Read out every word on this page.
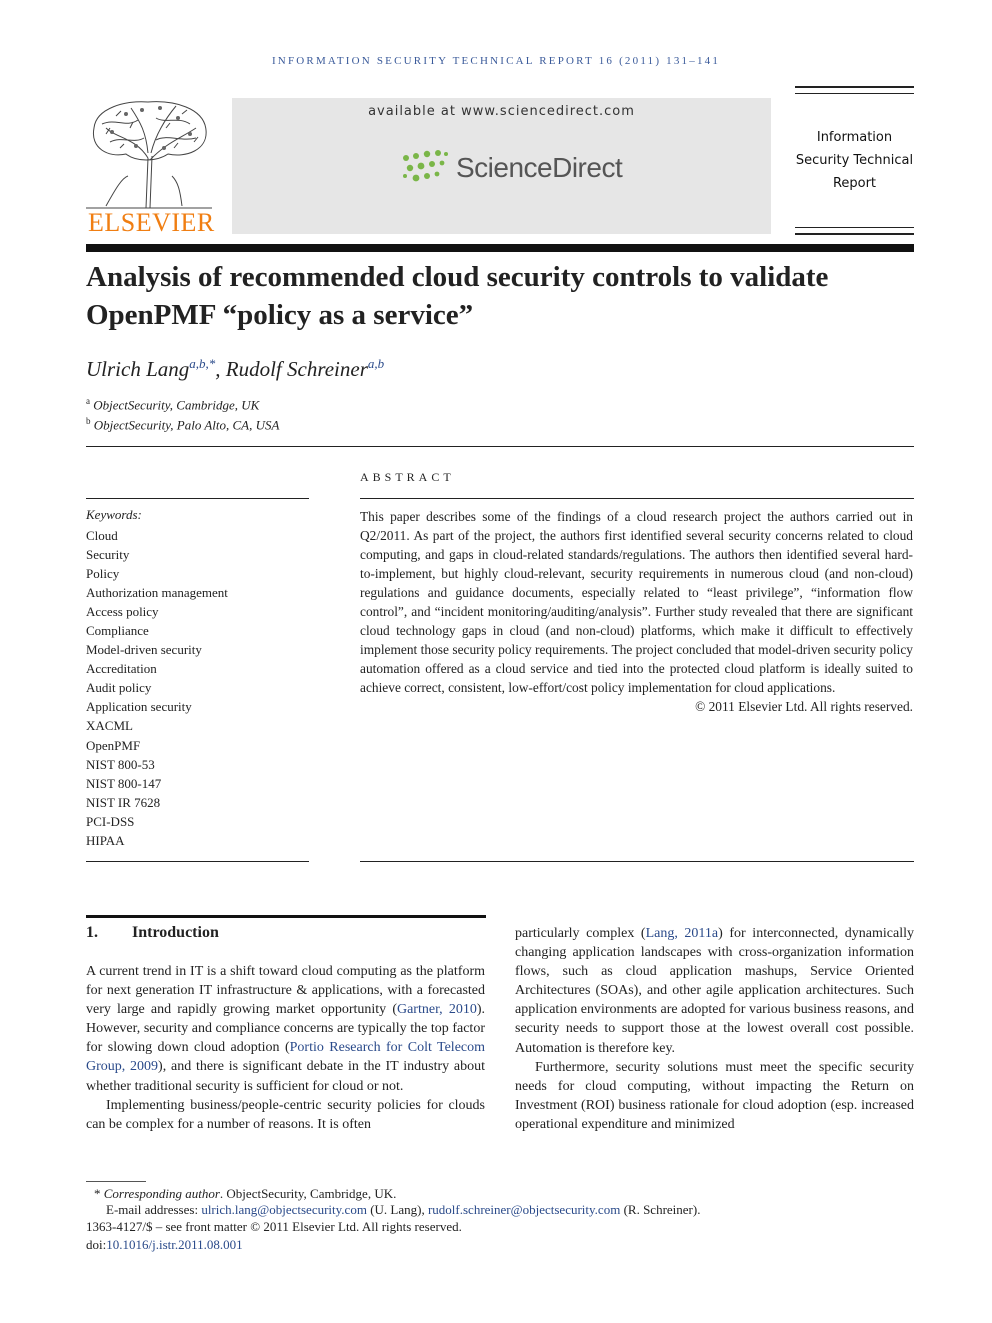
INFORMATION SECURITY TECHNICAL REPORT 16 (2011) 131–141
ELSEVIER
available at www.sciencedirect.com
ScienceDirect
Information
Security Technical
Report
Analysis of recommended cloud security controls to validate
OpenPMF “policy as a service”
Ulrich Lang$^{a,b,*}$, Rudolf Schreiner$^{a,b}$
$^a$ ObjectSecurity, Cambridge, UK
$^b$ ObjectSecurity, Palo Alto, CA, USA
Keywords:
Cloud
Security
Policy
Authorization management
Access policy
Compliance
Model-driven security
Accreditation
Audit policy
Application security
XACML
OpenPMF
NIST 800-53
NIST 800-147
NIST IR 7628
PCI-DSS
HIPAA
ABSTRACT
This paper describes some of the findings of a cloud research project the authors carried out in Q2/2011. As part of the project, the authors first identified several security concerns related to cloud computing, and gaps in cloud-related standards/regulations. The authors then identified several hard-to-implement, but highly cloud-relevant, security requirements in numerous cloud (and non-cloud) regulations and guidance documents, especially related to “least privilege”, “information flow control”, and “incident monitoring/auditing/analysis”. Further study revealed that there are significant cloud technology gaps in cloud (and non-cloud) platforms, which make it difficult to effectively implement those security policy requirements. The project concluded that model-driven security policy automation offered as a cloud service and tied into the protected cloud platform is ideally suited to achieve correct, consistent, low-effort/cost policy implementation for cloud applications.
© 2011 Elsevier Ltd. All rights reserved.
1. Introduction

A current trend in IT is a shift toward cloud computing as the platform for next generation IT infrastructure & applications, with a forecasted very large and rapidly growing market opportunity (Gartner, 2010). However, security and compliance concerns are typically the top factor for slowing down cloud adoption (Portio Research for Colt Telecom Group, 2009), and there is significant debate in the IT industry about whether traditional security is sufficient for cloud or not.

Implementing business/people-centric security policies for clouds can be complex for a number of reasons. It is often

particularly complex (Lang, 2011a) for interconnected, dynamically changing application landscapes with cross-organization information flows, such as cloud application mashups, Service Oriented Architectures (SOAs), and other agile application architectures. Such application environments are adopted for various business reasons, and security needs to support those at the lowest overall cost possible. Automation is therefore key.

Furthermore, security solutions must meet the specific security needs for cloud computing, without impacting the Return on Investment (ROI) business rationale for cloud adoption (esp. increased operational expenditure and minimized

* Corresponding author. ObjectSecurity, Cambridge, UK.
E-mail addresses: ulrich.lang@objectsecurity.com (U. Lang), rudolf.schreiner@objectsecurity.com (R. Schreiner).
1363-4127/$ – see front matter © 2011 Elsevier Ltd. All rights reserved.
doi:10.1016/j.istr.2011.08.001
